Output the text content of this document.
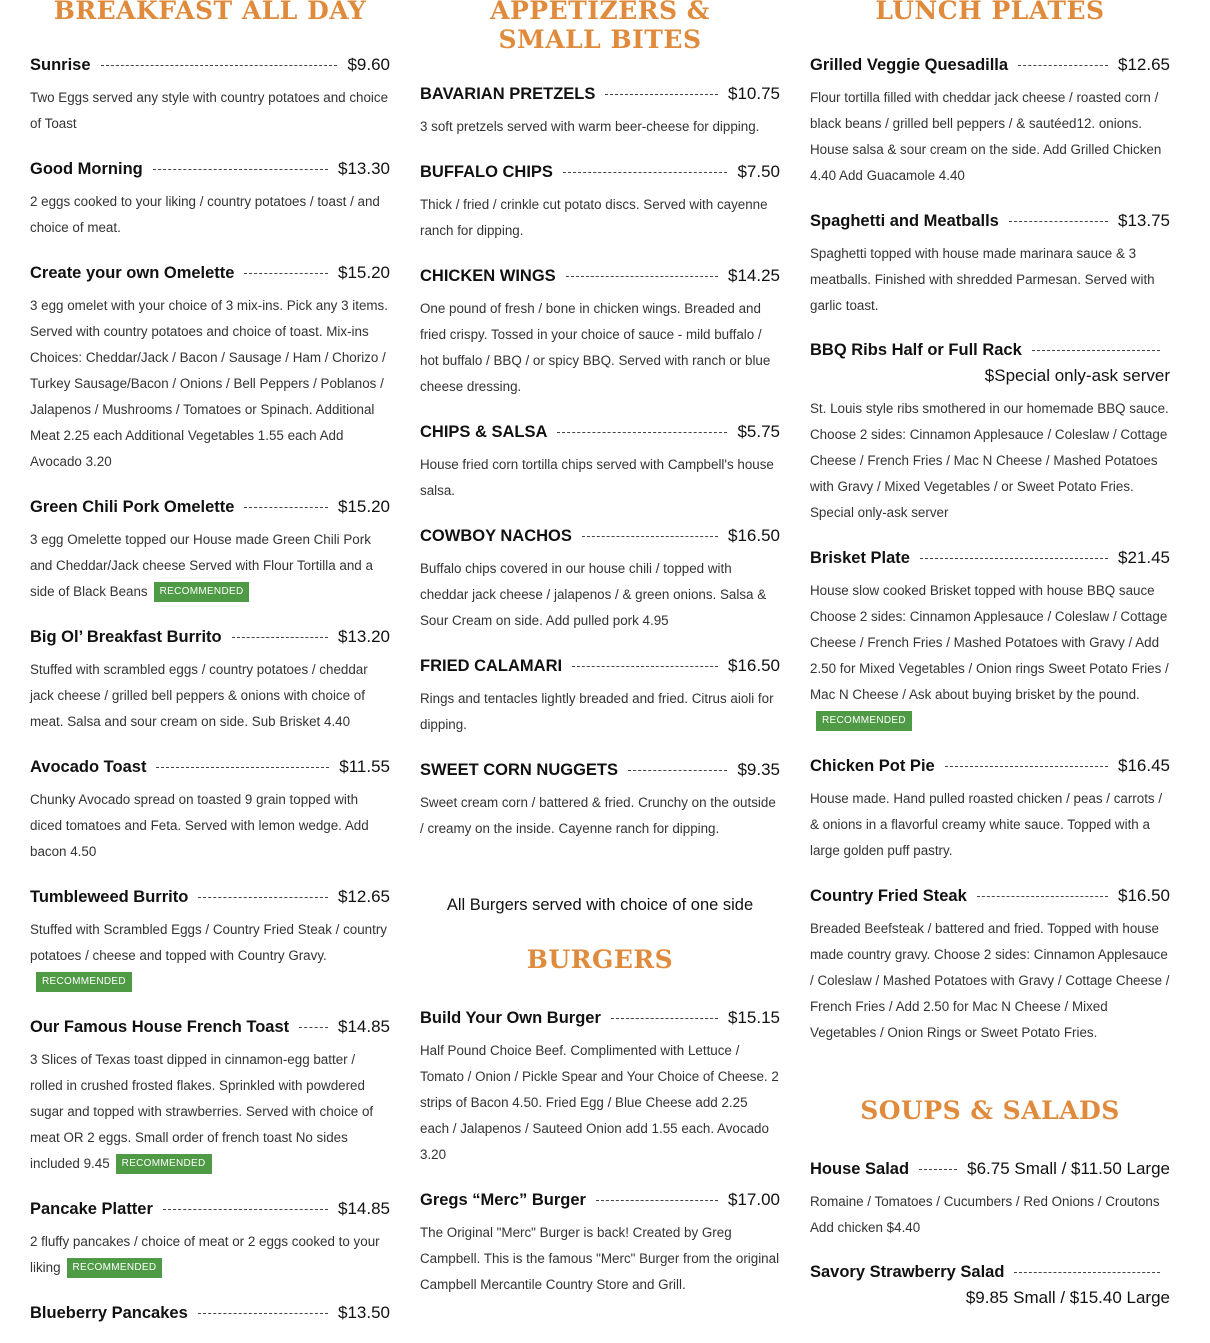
BREAKFAST ALL DAY
Sunrise	$9.60
Two Eggs served any style with country potatoes and choice of Toast
Good Morning	$13.30
2 eggs cooked to your liking / country potatoes / toast / and choice of meat.
Create your own Omelette	$15.20
3 egg omelet with your choice of 3 mix-ins. Pick any 3 items. Served with country potatoes and choice of toast. Mix-ins Choices: Cheddar/Jack / Bacon / Sausage / Ham / Chorizo / Turkey Sausage/Bacon / Onions / Bell Peppers / Poblanos / Jalapenos / Mushrooms / Tomatoes or Spinach. Additional Meat 2.25 each Additional Vegetables 1.55 each Add Avocado 3.20
Green Chili Pork Omelette	$15.20
3 egg Omelette topped our House made Green Chili Pork and Cheddar/Jack cheese Served with Flour Tortilla and a side of Black Beans RECOMMENDED
Big Ol’ Breakfast Burrito	$13.20
Stuffed with scrambled eggs / country potatoes / cheddar jack cheese / grilled bell peppers & onions with choice of meat. Salsa and sour cream on side. Sub Brisket 4.40
Avocado Toast	$11.55
Chunky Avocado spread on toasted 9 grain topped with diced tomatoes and Feta. Served with lemon wedge. Add bacon 4.50
Tumbleweed Burrito	$12.65
Stuffed with Scrambled Eggs / Country Fried Steak / country potatoes / cheese and topped with Country Gravy.RECOMMENDED
Our Famous House French Toast	$14.85
3 Slices of Texas toast dipped in cinnamon-egg batter / rolled in crushed frosted flakes. Sprinkled with powdered sugar and topped with strawberries. Served with choice of meat OR 2 eggs. Small order of french toast No sides included 9.45 RECOMMENDED
Pancake Platter	$14.85
2 fluffy pancakes / choice of meat or 2 eggs cooked to your liking RECOMMENDED
Blueberry Pancakes	$13.50
APPETIZERS & SMALL BITES
BAVARIAN PRETZELS	$10.75
3 soft pretzels served with warm beer-cheese for dipping.
BUFFALO CHIPS	$7.50
Thick / fried / crinkle cut potato discs. Served with cayenne ranch for dipping.
CHICKEN WINGS	$14.25
One pound of fresh / bone in chicken wings. Breaded and fried crispy. Tossed in your choice of sauce - mild buffalo / hot buffalo / BBQ / or spicy BBQ. Served with ranch or blue cheese dressing.
CHIPS & SALSA	$5.75
House fried corn tortilla chips served with Campbell's house salsa.
COWBOY NACHOS	$16.50
Buffalo chips covered in our house chili / topped with cheddar jack cheese / jalapenos / & green onions. Salsa & Sour Cream on side. Add pulled pork 4.95
FRIED CALAMARI	$16.50
Rings and tentacles lightly breaded and fried. Citrus aioli for dipping.
SWEET CORN NUGGETS	$9.35
Sweet cream corn / battered & fried. Crunchy on the outside / creamy on the inside. Cayenne ranch for dipping.
All Burgers served with choice of one side
BURGERS
Build Your Own Burger	$15.15
Half Pound Choice Beef. Complimented with Lettuce / Tomato / Onion / Pickle Spear and Your Choice of Cheese. 2 strips of Bacon 4.50. Fried Egg / Blue Cheese add 2.25 each / Jalapenos / Sauteed Onion add 1.55 each. Avocado 3.20
Gregs “Merc” Burger	$17.00
The Original "Merc" Burger is back! Created by Greg Campbell. This is the famous "Merc" Burger from the original Campbell Mercantile Country Store and Grill.
LUNCH PLATES
Grilled Veggie Quesadilla	$12.65
Flour tortilla filled with cheddar jack cheese / roasted corn / black beans / grilled bell peppers / & sautéed12. onions. House salsa & sour cream on the side. Add Grilled Chicken 4.40 Add Guacamole 4.40
Spaghetti and Meatballs	$13.75
Spaghetti topped with house made marinara sauce & 3 meatballs. Finished with shredded Parmesan. Served with garlic toast.
BBQ Ribs Half or Full Rack
$Special only-ask server
St. Louis style ribs smothered in our homemade BBQ sauce. Choose 2 sides: Cinnamon Applesauce / Coleslaw / Cottage Cheese / French Fries / Mac N Cheese / Mashed Potatoes with Gravy / Mixed Vegetables / or Sweet Potato Fries. Special only-ask server
Brisket Plate	$21.45
House slow cooked Brisket topped with house BBQ sauce Choose 2 sides: Cinnamon Applesauce / Coleslaw / Cottage Cheese / French Fries / Mashed Potatoes with Gravy / Add 2.50 for Mixed Vegetables / Onion rings Sweet Potato Fries / Mac N Cheese / Ask about buying brisket by the pound.RECOMMENDED
Chicken Pot Pie	$16.45
House made. Hand pulled roasted chicken / peas / carrots / & onions in a flavorful creamy white sauce. Topped with a large golden puff pastry.
Country Fried Steak	$16.50
Breaded Beefsteak / battered and fried. Topped with house made country gravy. Choose 2 sides: Cinnamon Applesauce / Coleslaw / Mashed Potatoes with Gravy / Cottage Cheese / French Fries / Add 2.50 for Mac N Cheese / Mixed Vegetables / Onion Rings or Sweet Potato Fries.
SOUPS & SALADS
House Salad	$6.75 Small / $11.50 Large
Romaine / Tomatoes / Cucumbers / Red Onions / Croutons Add chicken $4.40
Savory Strawberry Salad
$9.85 Small / $15.40 Large
